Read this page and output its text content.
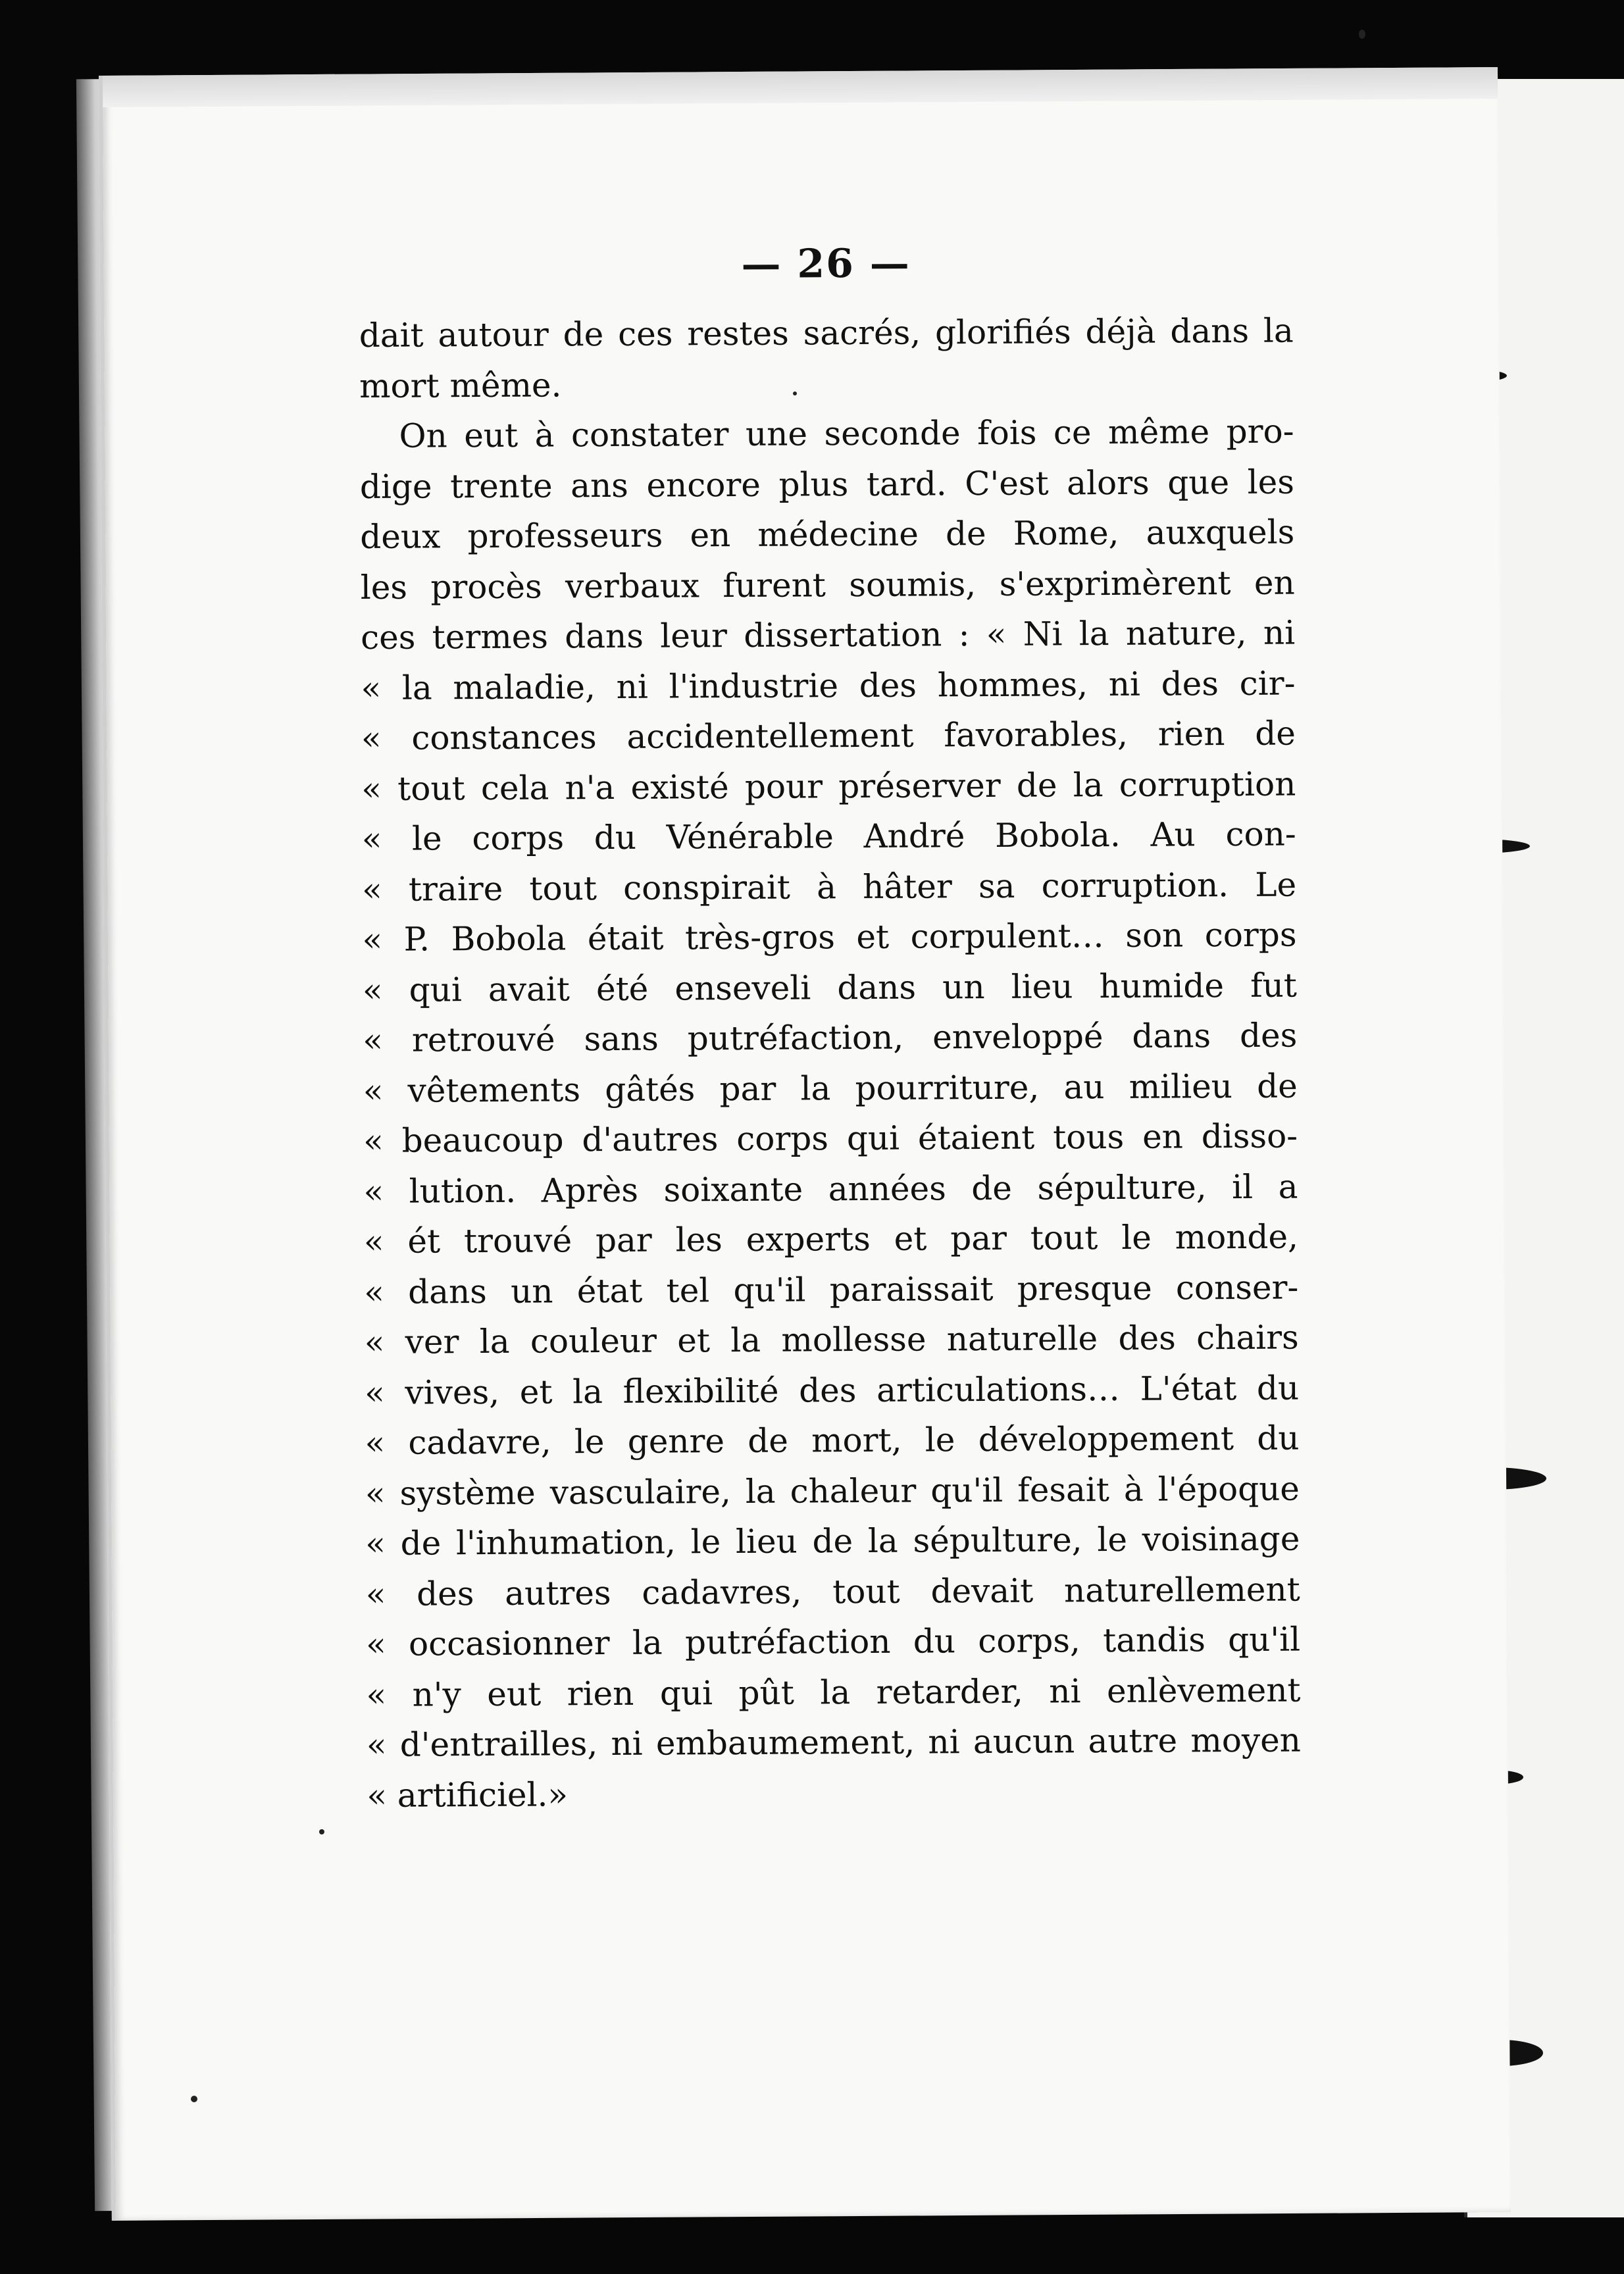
— 26 —
dait autour de ces restes sacrés, glorifiés déjà dans la
mort même.
On eut à constater une seconde fois ce même pro-
dige trente ans encore plus tard. C'est alors que les
deux professeurs en médecine de Rome, auxquels
les procès verbaux furent soumis, s'exprimèrent en
ces termes dans leur dissertation : « Ni la nature, ni
« la maladie, ni l'industrie des hommes, ni des cir-
« constances accidentellement favorables, rien de
« tout cela n'a existé pour préserver de la corruption
« le corps du Vénérable André Bobola. Au con-
« traire tout conspirait à hâter sa corruption. Le
« P. Bobola était très-gros et corpulent… son corps
« qui avait été enseveli dans un lieu humide fut
« retrouvé sans putréfaction, enveloppé dans des
« vêtements gâtés par la pourriture, au milieu de
« beaucoup d'autres corps qui étaient tous en disso-
« lution. Après soixante années de sépulture, il a
« ét trouvé par les experts et par tout le monde,
« dans un état tel qu'il paraissait presque conser-
« ver la couleur et la mollesse naturelle des chairs
« vives, et la flexibilité des articulations… L'état du
« cadavre, le genre de mort, le développement du
« système vasculaire, la chaleur qu'il fesait à l'époque
« de l'inhumation, le lieu de la sépulture, le voisinage
« des autres cadavres, tout devait naturellement
« occasionner la putréfaction du corps, tandis qu'il
« n'y eut rien qui pût la retarder, ni enlèvement
« d'entrailles, ni embaumement, ni aucun autre moyen
« artificiel.»
